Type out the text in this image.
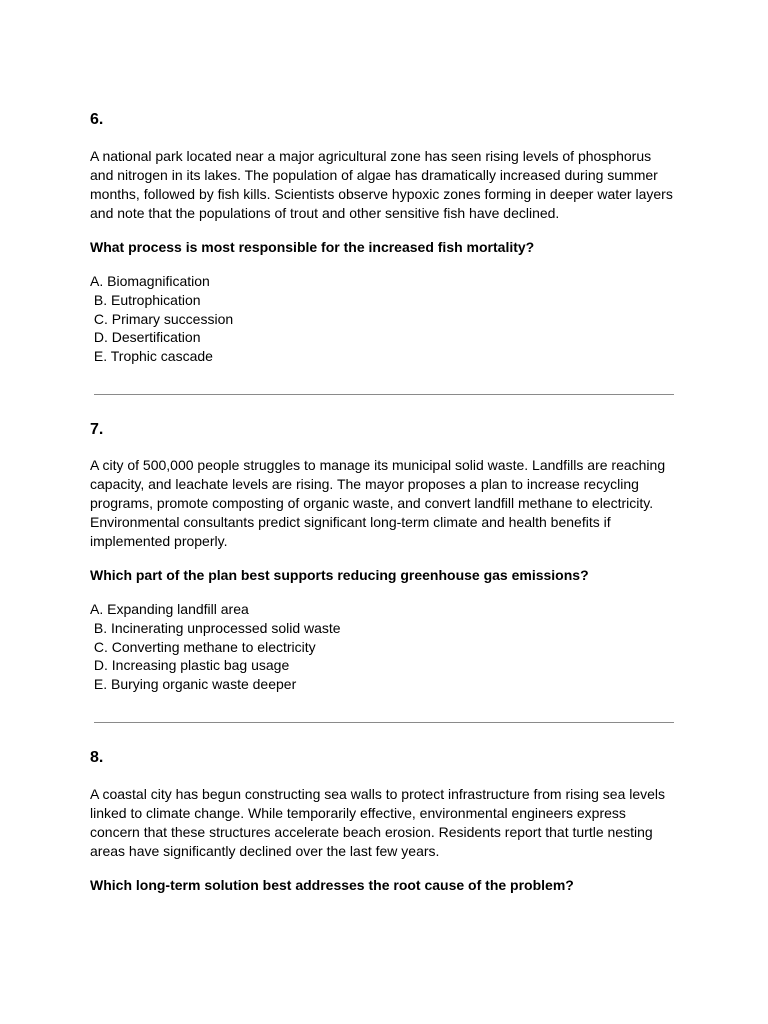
6.

A national park located near a major agricultural zone has seen rising levels of phosphorus and nitrogen in its lakes. The population of algae has dramatically increased during summer months, followed by fish kills. Scientists observe hypoxic zones forming in deeper water layers and note that the populations of trout and other sensitive fish have declined.

What process is most responsible for the increased fish mortality?

A. Biomagnification
B. Eutrophication
C. Primary succession
D. Desertification
E. Trophic cascade

7.

A city of 500,000 people struggles to manage its municipal solid waste. Landfills are reaching capacity, and leachate levels are rising. The mayor proposes a plan to increase recycling programs, promote composting of organic waste, and convert landfill methane to electricity. Environmental consultants predict significant long-term climate and health benefits if implemented properly.

Which part of the plan best supports reducing greenhouse gas emissions?

A. Expanding landfill area
B. Incinerating unprocessed solid waste
C. Converting methane to electricity
D. Increasing plastic bag usage
E. Burying organic waste deeper

8.

A coastal city has begun constructing sea walls to protect infrastructure from rising sea levels linked to climate change. While temporarily effective, environmental engineers express concern that these structures accelerate beach erosion. Residents report that turtle nesting areas have significantly declined over the last few years.

Which long-term solution best addresses the root cause of the problem?
